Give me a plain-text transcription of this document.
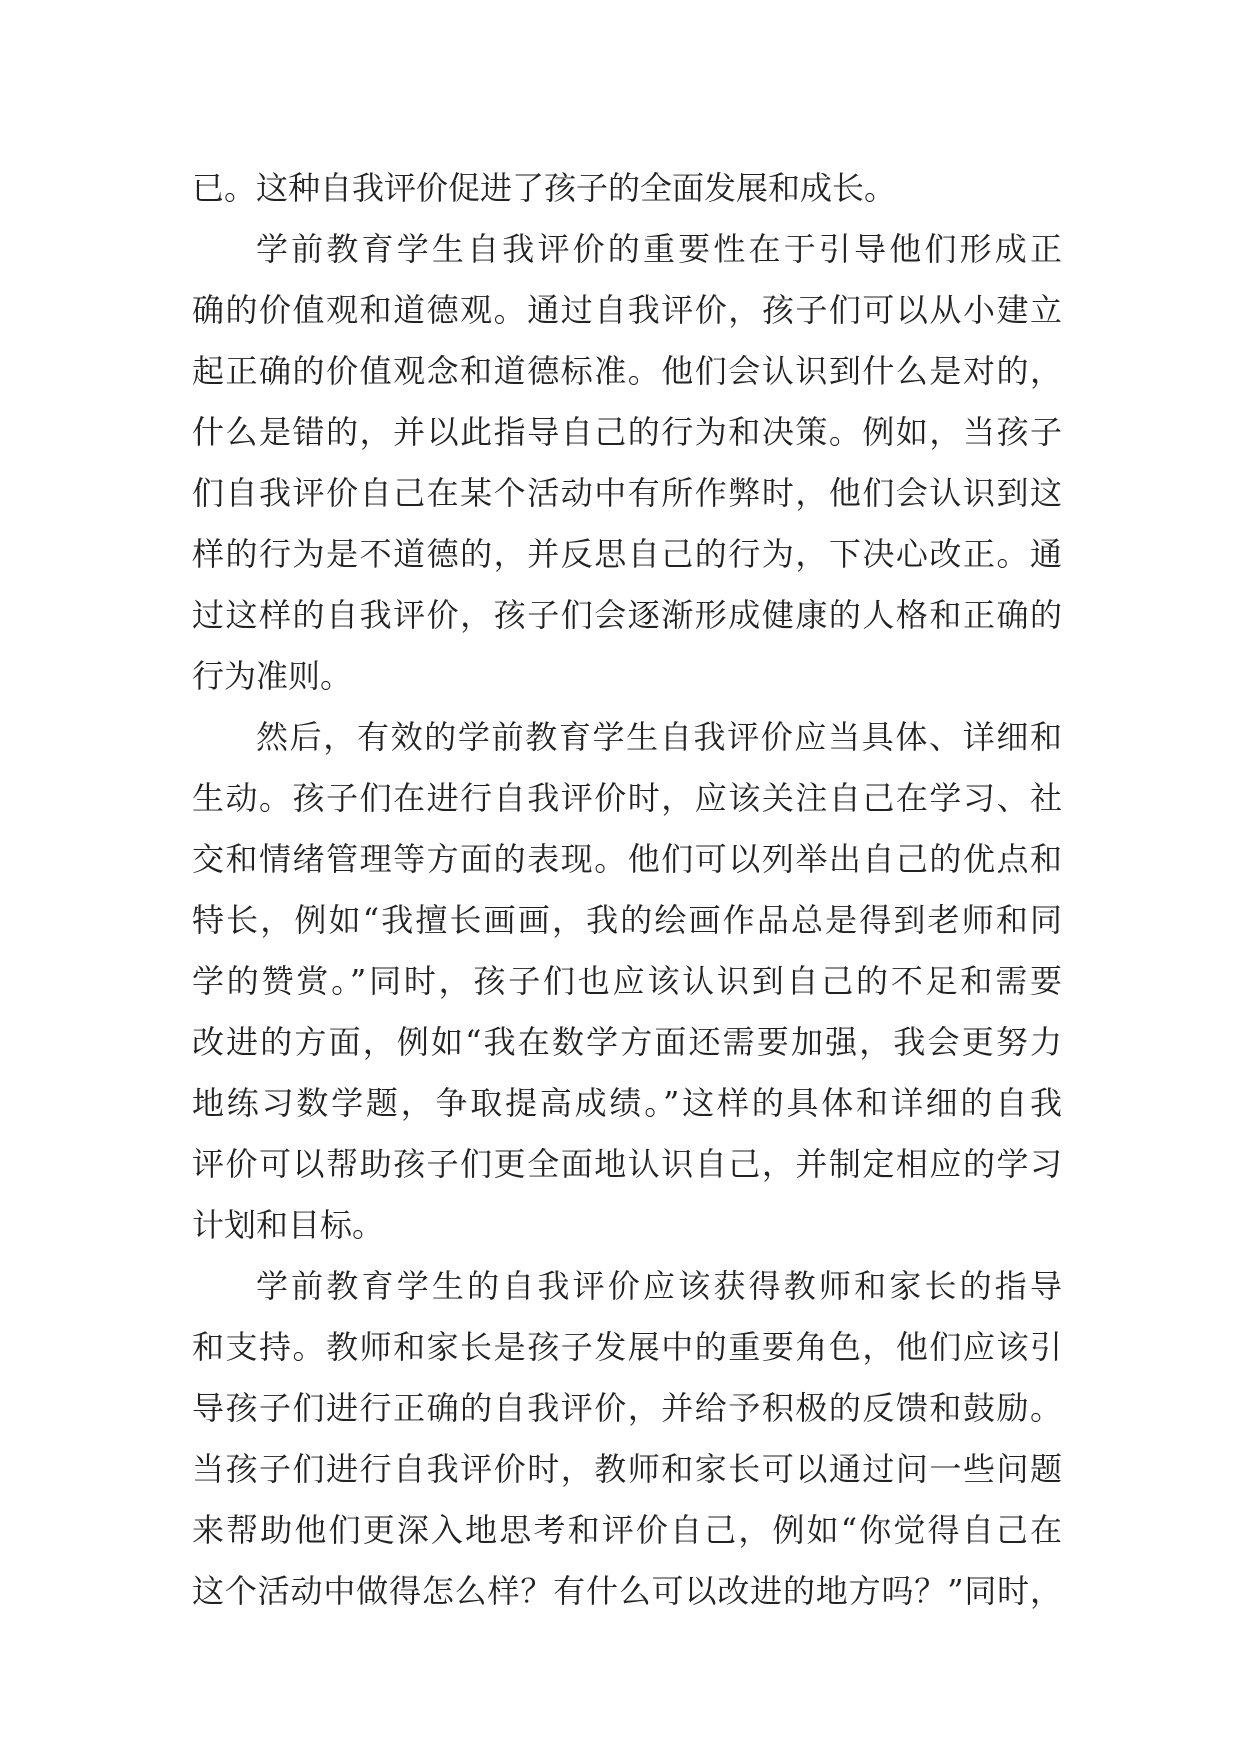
已。这种自我评价促进了孩子的全面发展和成长。
学前教育学生自我评价的重要性在于引导他们形成正
确的价值观和道德观。通过自我评价，孩子们可以从小建立
起正确的价值观念和道德标准。他们会认识到什么是对的，
什么是错的，并以此指导自己的行为和决策。例如，当孩子
们自我评价自己在某个活动中有所作弊时，他们会认识到这
样的行为是不道德的，并反思自己的行为，下决心改正。通
过这样的自我评价，孩子们会逐渐形成健康的人格和正确的
行为准则。
然后，有效的学前教育学生自我评价应当具体、详细和
生动。孩子们在进行自我评价时，应该关注自己在学习、社
交和情绪管理等方面的表现。他们可以列举出自己的优点和
特长，例如“我擅长画画，我的绘画作品总是得到老师和同
学的赞赏。”同时，孩子们也应该认识到自己的不足和需要
改进的方面，例如“我在数学方面还需要加强，我会更努力
地练习数学题，争取提高成绩。”这样的具体和详细的自我
评价可以帮助孩子们更全面地认识自己，并制定相应的学习
计划和目标。
学前教育学生的自我评价应该获得教师和家长的指导
和支持。教师和家长是孩子发展中的重要角色，他们应该引
导孩子们进行正确的自我评价，并给予积极的反馈和鼓励。
当孩子们进行自我评价时，教师和家长可以通过问一些问题
来帮助他们更深入地思考和评价自己，例如“你觉得自己在
这个活动中做得怎么样？有什么可以改进的地方吗？”同时，
